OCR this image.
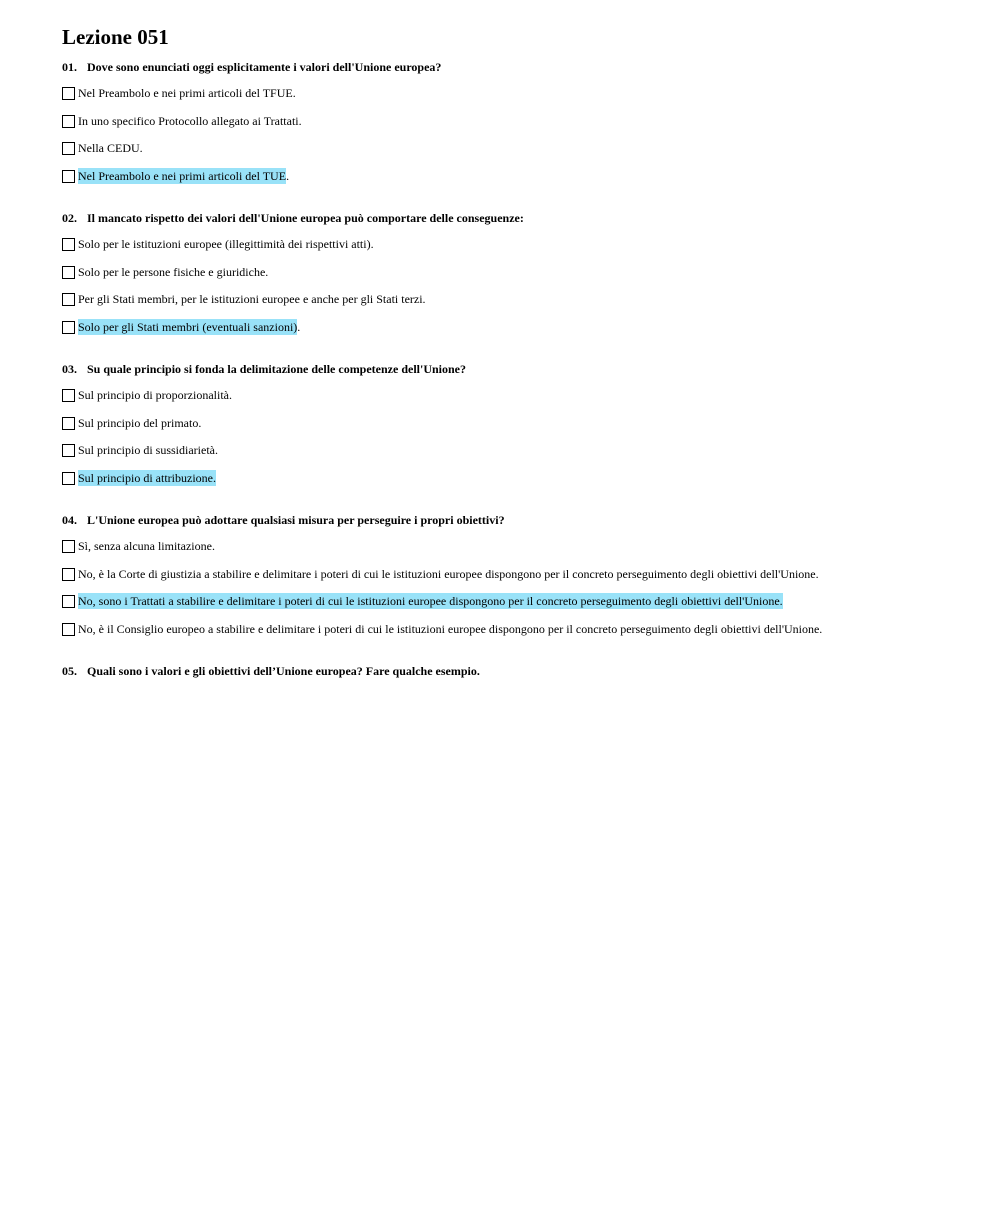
Lezione 051
01. Dove sono enunciati oggi esplicitamente i valori dell'Unione europea?
Nel Preambolo e nei primi articoli del TFUE.
In uno specifico Protocollo allegato ai Trattati.
Nella CEDU.
Nel Preambolo e nei primi articoli del TUE .
02. Il mancato rispetto dei valori dell'Unione europea può comportare delle conseguenze:
Solo per le istituzioni europee (illegittimità dei rispettivi atti).
Solo per le persone fisiche e giuridiche.
Per gli Stati membri, per le istituzioni europee e anche per gli Stati terzi.
Solo per gli Stati membri (eventuali sanzioni) .
03. Su quale principio si fonda la delimitazione delle competenze dell'Unione?
Sul principio di proporzionalità.
Sul principio del primato.
Sul principio di sussidiarietà.
Sul principio di attribuzione.
04. L'Unione europea può adottare qualsiasi misura per perseguire i propri obiettivi?
Sì, senza alcuna limitazione.
No, è la Corte di giustizia a stabilire e delimitare i poteri di cui le istituzioni europee dispongono per il concreto perseguimento degli obiettivi dell'Unione.
No, sono i Trattati a stabilire e delimitare i poteri di cui le istituzioni europee dispongono per il concreto perseguimento degli obiettivi dell'Unione.
No, è il Consiglio europeo a stabilire e delimitare i poteri di cui le istituzioni europee dispongono per il concreto perseguimento degli obiettivi dell'Unione.
05. Quali sono i valori e gli obiettivi dell’Unione europea? Fare qualche esempio.
